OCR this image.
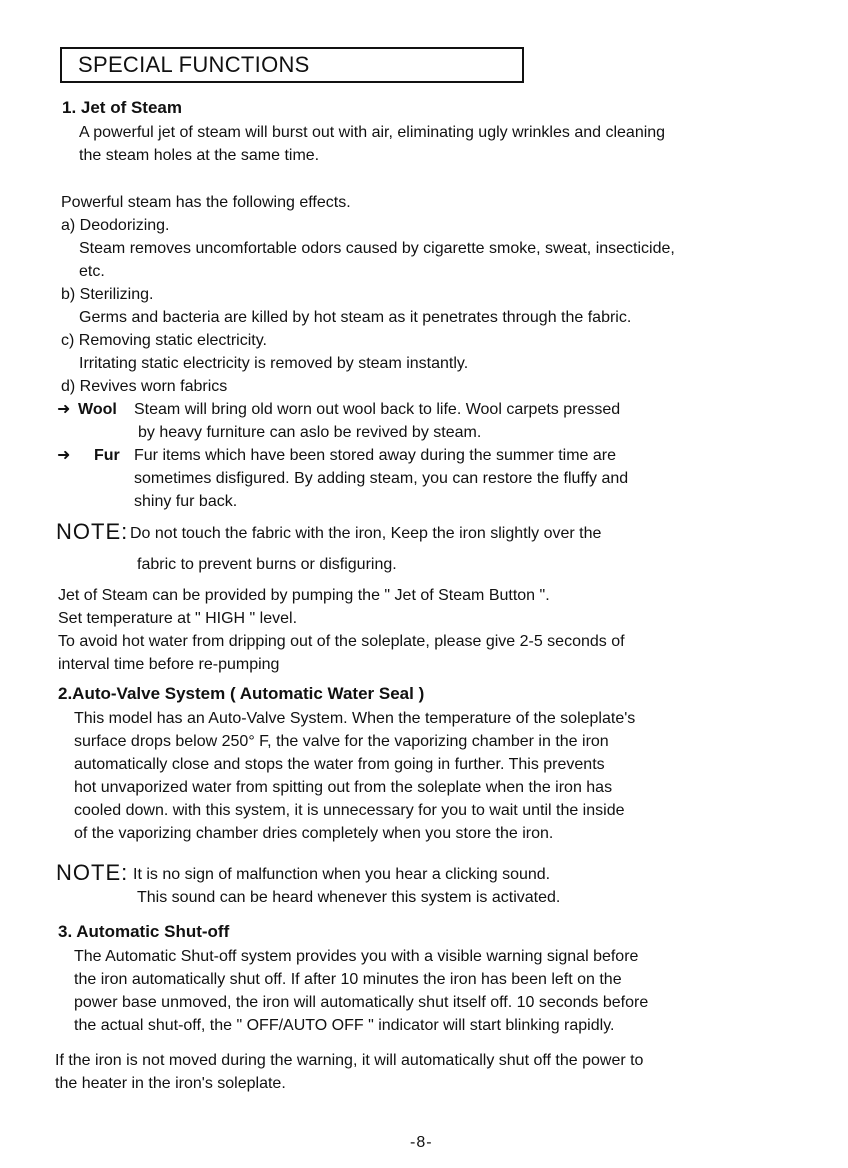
SPECIAL FUNCTIONS
1. Jet of Steam
A powerful jet of steam will burst out with air, eliminating ugly wrinkles and cleaning
the steam holes at the same time.
Powerful steam has the following effects.
a) Deodorizing.
Steam removes uncomfortable odors caused by cigarette smoke, sweat, insecticide,
etc.
b) Sterilizing.
Germs and bacteria are killed by hot steam as it penetrates through the fabric.
c) Removing static electricity.
Irritating static electricity is removed by steam instantly.
d) Revives worn fabrics
➜ Wool Steam will bring old worn out wool back to life. Wool carpets pressed
by heavy furniture can aslo be revived by steam.
➜ Fur Fur items which have been stored away during the summer time are
sometimes disfigured. By adding steam, you can restore the fluffy and
shiny fur back.
NOTE: Do not touch the fabric with the iron, Keep the iron slightly over the
fabric to prevent burns or disfiguring.
Jet of Steam can be provided by pumping the " Jet of Steam Button ".
Set temperature at " HIGH " level.
To avoid hot water from dripping out of the soleplate, please give 2-5 seconds of
interval time before re-pumping
2.Auto-Valve System ( Automatic Water Seal )
This model has an Auto-Valve System. When the temperature of the soleplate's
surface drops below 250° F, the valve for the vaporizing chamber in the iron
automatically close and stops the water from going in further. This prevents
hot unvaporized water from spitting out from the soleplate when the iron has
cooled down. with this system, it is unnecessary for you to wait until the inside
of the vaporizing chamber dries completely when you store the iron.
NOTE: It is no sign of malfunction when you hear a clicking sound.
This sound can be heard whenever this system is activated.
3. Automatic Shut-off
The Automatic Shut-off system provides you with a visible warning signal before
the iron automatically shut off. If after 10 minutes the iron has been left on the
power base unmoved, the iron will automatically shut itself off. 10 seconds before
the actual shut-off, the " OFF/AUTO OFF " indicator will start blinking rapidly.
If the iron is not moved during the warning, it will automatically shut off the power to
the heater in the iron's soleplate.
-8-
